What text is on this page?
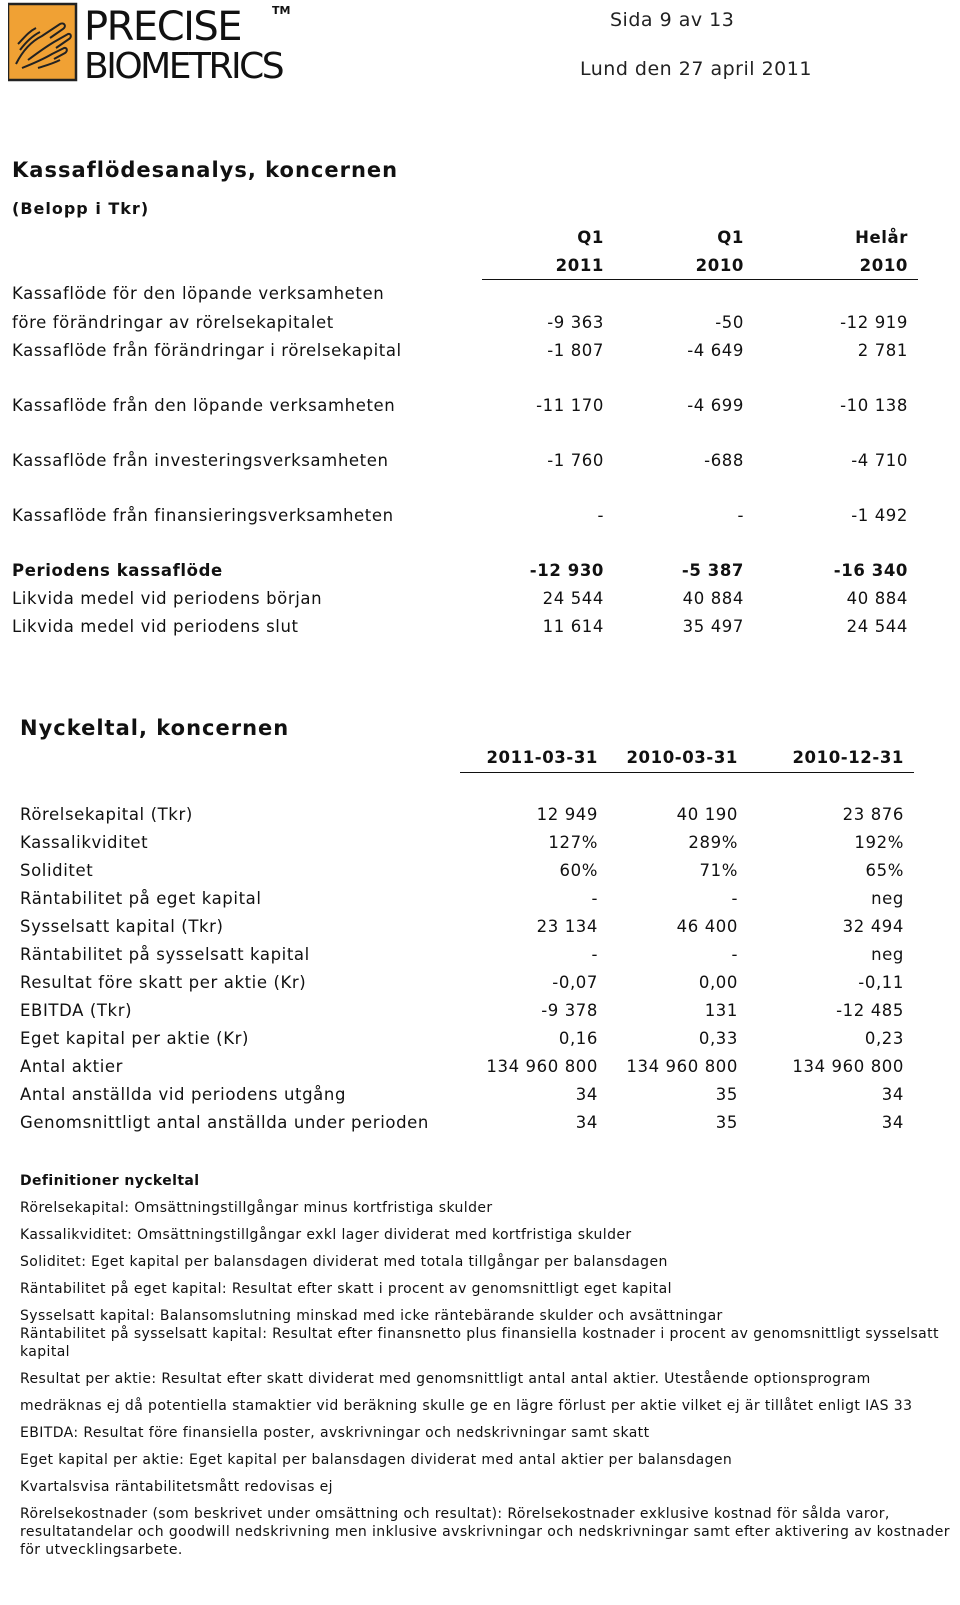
PRECISE	TM
BIOMETRICS
Sida 9 av 13
Lund den 27 april 2011
Kassaflödesanalys, koncernen
(Belopp i Tkr)
	Q1	Q1	Helår
	2011	2010	2010
Kassaflöde för den löpande verksamheten			
före förändringar av rörelsekapitalet	-9 363	-50	-12 919
Kassaflöde från förändringar i rörelsekapital	-1 807	-4 649	2 781

Kassaflöde från den löpande verksamheten	-11 170	-4 699	-10 138

Kassaflöde från investeringsverksamheten	-1 760	-688	-4 710

Kassaflöde från finansieringsverksamheten	-	-	-1 492

Periodens kassaflöde	-12 930	-5 387	-16 340
Likvida medel vid periodens början	24 544	40 884	40 884
Likvida medel vid periodens slut	11 614	35 497	24 544
Nyckeltal, koncernen
	2011-03-31	2010-03-31	2010-12-31

Rörelsekapital (Tkr)	12 949	40 190	23 876
Kassalikviditet	127%	289%	192%
Soliditet	60%	71%	65%
Räntabilitet på eget kapital	-	-	neg
Sysselsatt kapital (Tkr)	23 134	46 400	32 494
Räntabilitet på sysselsatt kapital	-	-	neg
Resultat före skatt per aktie (Kr)	-0,07	0,00	-0,11
EBITDA (Tkr)	-9 378	131	-12 485
Eget kapital per aktie (Kr)	0,16	0,33	0,23
Antal aktier	134 960 800	134 960 800	134 960 800
Antal anställda vid periodens utgång	34	35	34
Genomsnittligt antal anställda under perioden	34	35	34
Definitioner nyckeltal
Rörelsekapital: Omsättningstillgångar minus kortfristiga skulder
Kassalikviditet: Omsättningstillgångar exkl lager dividerat med kortfristiga skulder
Soliditet: Eget kapital per balansdagen dividerat med totala tillgångar per balansdagen
Räntabilitet på eget kapital: Resultat efter skatt i procent av genomsnittligt eget kapital
Sysselsatt kapital: Balansomslutning minskad med icke räntebärande skulder och avsättningar
Räntabilitet på sysselsatt kapital: Resultat efter finansnetto plus finansiella kostnader i procent av genomsnittligt sysselsatt kapital
Resultat per aktie: Resultat efter skatt dividerat med genomsnittligt antal antal aktier. Utestående optionsprogram
medräknas ej då potentiella stamaktier vid beräkning skulle ge en lägre förlust per aktie vilket ej är tillåtet enligt IAS 33
EBITDA: Resultat före finansiella poster, avskrivningar och nedskrivningar samt skatt
Eget kapital per aktie: Eget kapital per balansdagen dividerat med antal aktier per balansdagen
Kvartalsvisa räntabilitetsmått redovisas ej
Rörelsekostnader (som beskrivet under omsättning och resultat): Rörelsekostnader exklusive kostnad för sålda varor, resultatandelar och goodwill nedskrivning men inklusive avskrivningar och nedskrivningar samt efter aktivering av kostnader för utvecklingsarbete.
